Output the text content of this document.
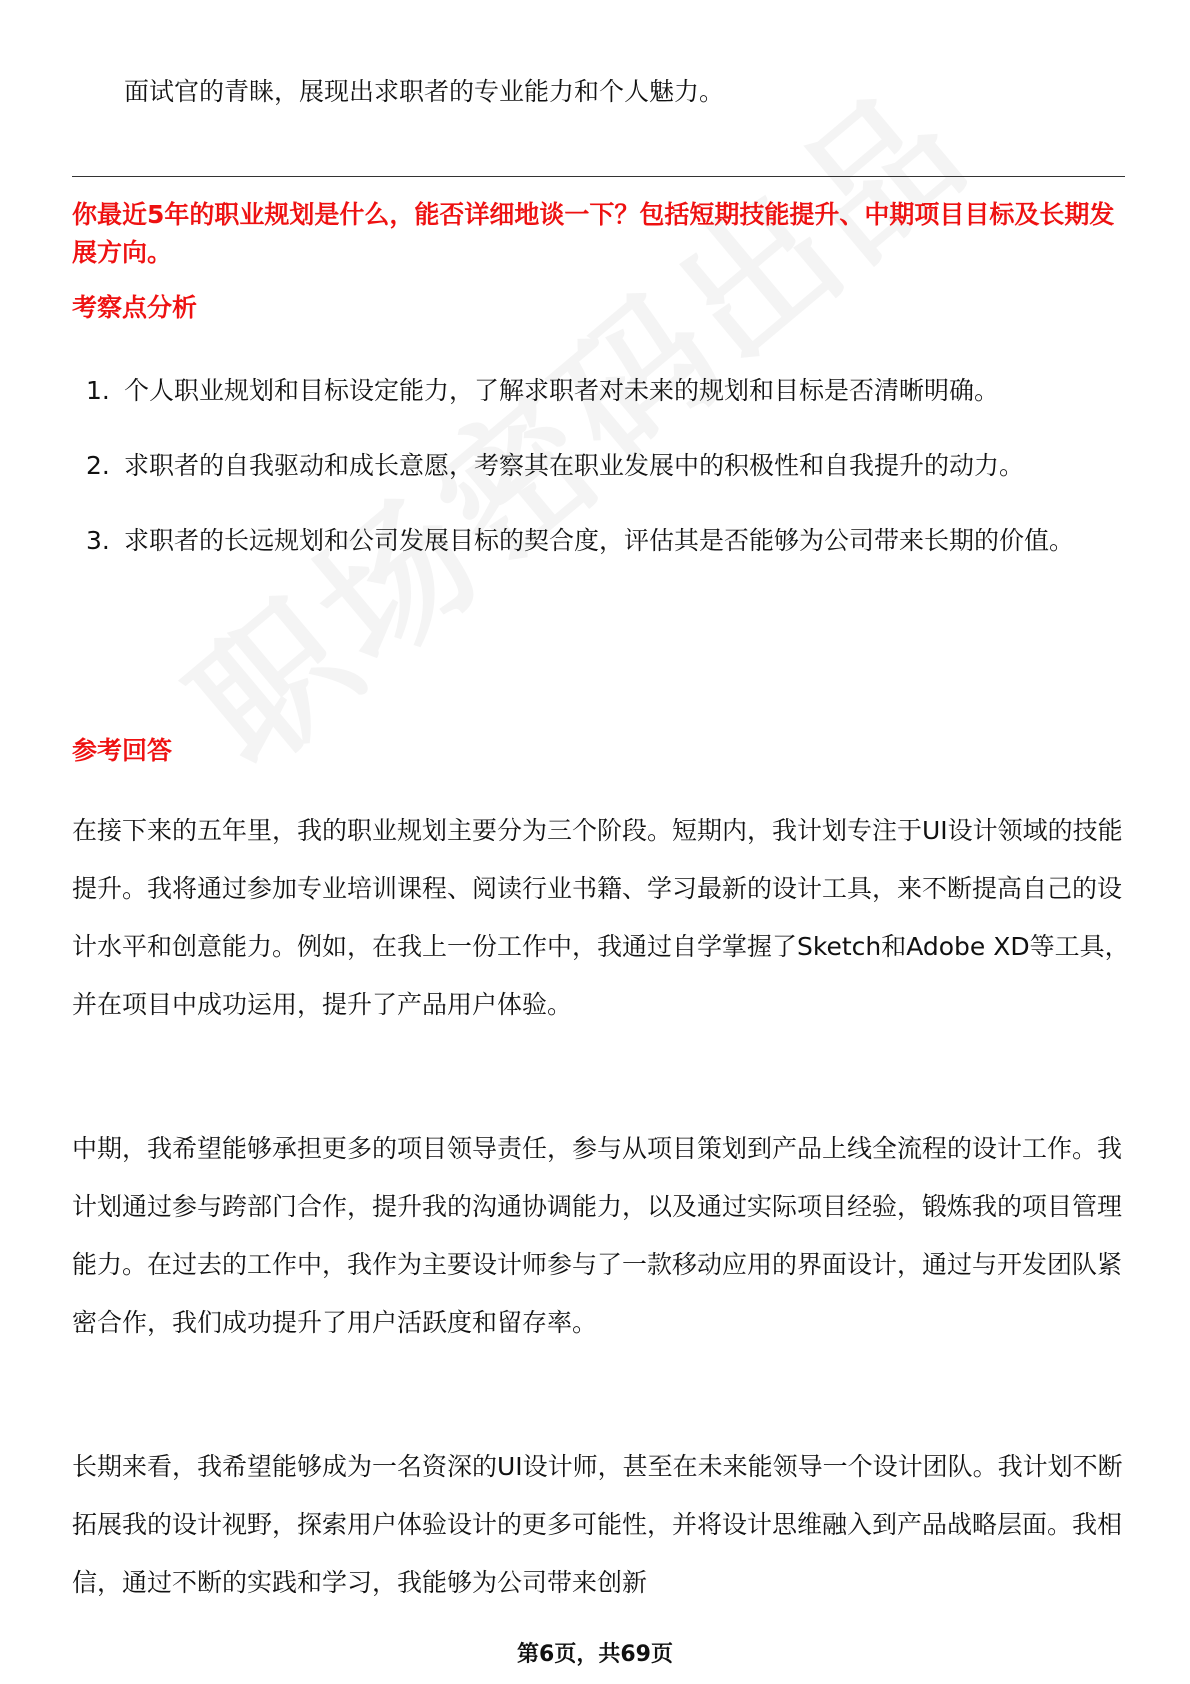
面试官的青睐，展现出求职者的专业能力和个人魅力。
你最近5年的职业规划是什么，能否详细地谈一下？包括短期技能提升、中期项目目标及长期发展方向。
考察点分析
1. 个人职业规划和目标设定能力，了解求职者对未来的规划和目标是否清晰明确。
2. 求职者的自我驱动和成长意愿，考察其在职业发展中的积极性和自我提升的动力。
3. 求职者的长远规划和公司发展目标的契合度，评估其是否能够为公司带来长期的价值。
参考回答

在接下来的五年里，我的职业规划主要分为三个阶段。短期内，我计划专注于UI设计领域的技能提升。我将通过参加专业培训课程、阅读行业书籍、学习最新的设计工具，来不断提高自己的设计水平和创意能力。例如，在我上一份工作中，我通过自学掌握了Sketch和Adobe XD等工具，并在项目中成功运用，提升了产品用户体验。

中期，我希望能够承担更多的项目领导责任，参与从项目策划到产品上线全流程的设计工作。我计划通过参与跨部门合作，提升我的沟通协调能力，以及通过实际项目经验，锻炼我的项目管理能力。在过去的工作中，我作为主要设计师参与了一款移动应用的界面设计，通过与开发团队紧密合作，我们成功提升了用户活跃度和留存率。

长期来看，我希望能够成为一名资深的UI设计师，甚至在未来能领导一个设计团队。我计划不断拓展我的设计视野，探索用户体验设计的更多可能性，并将设计思维融入到产品战略层面。我相信，通过不断的实践和学习，我能够为公司带来创新

第6页，共69页
